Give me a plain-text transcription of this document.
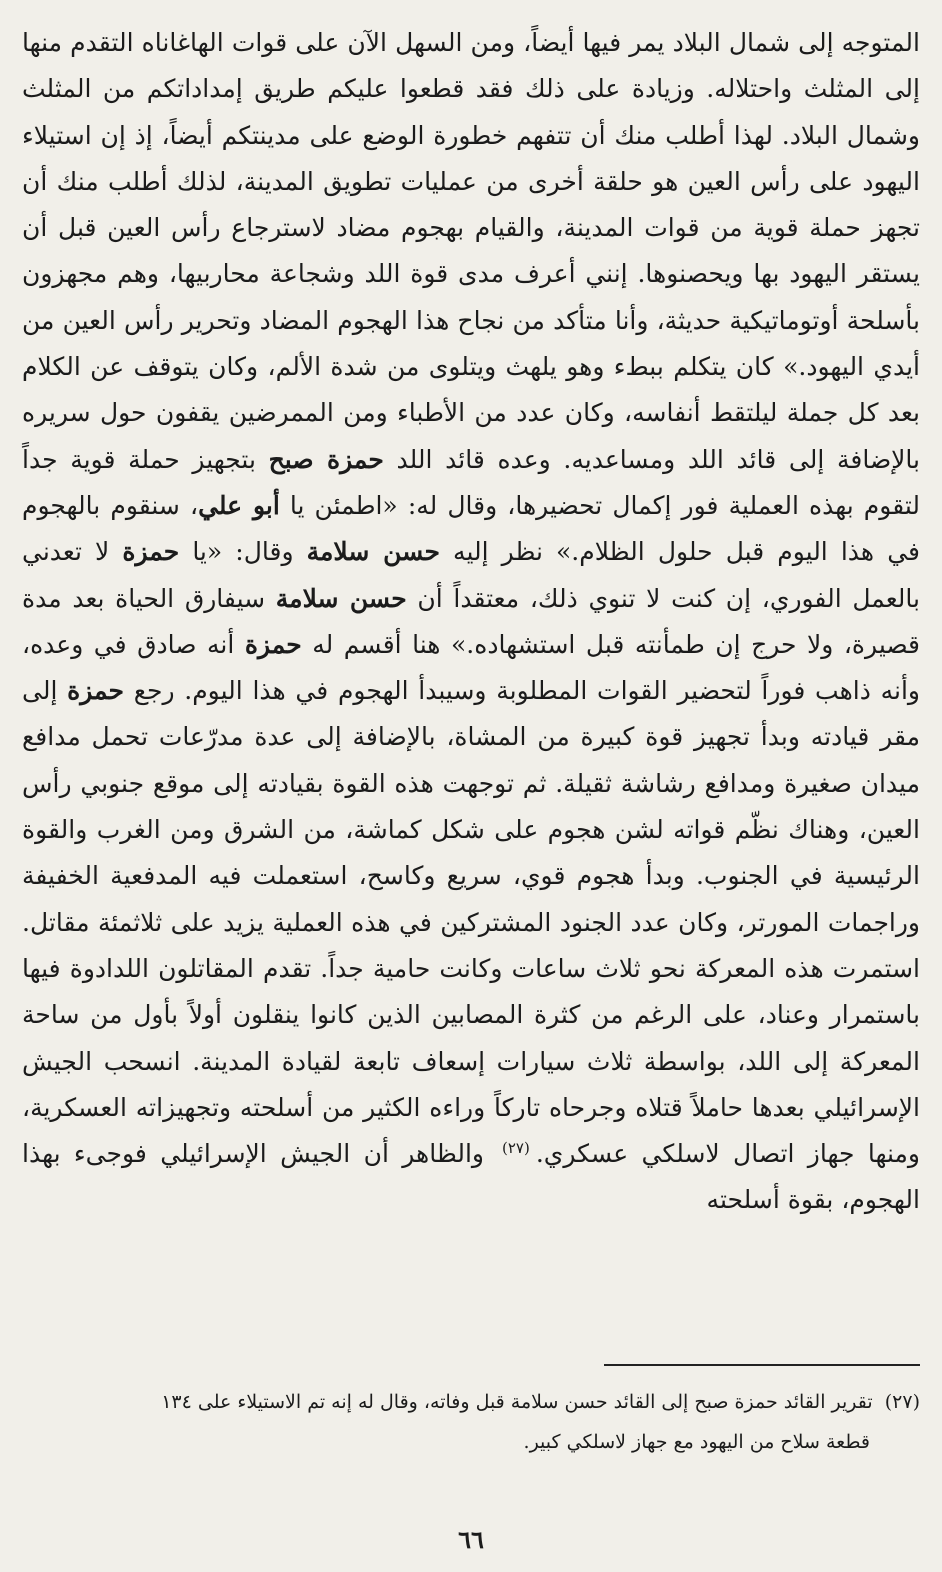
المتوجه إلى شمال البلاد يمر فيها أيضاً، ومن السهل الآن على قوات الهاغاناه التقدم منها إلى المثلث واحتلاله. وزيادة على ذلك فقد قطعوا عليكم طريق إمداداتكم من المثلث وشمال البلاد. لهذا أطلب منك أن تتفهم خطورة الوضع على مدينتكم أيضاً، إذ إن استيلاء اليهود على رأس العين هو حلقة أخرى من عمليات تطويق المدينة، لذلك أطلب منك أن تجهز حملة قوية من قوات المدينة، والقيام بهجوم مضاد لاسترجاع رأس العين قبل أن يستقر اليهود بها ويحصنوها. إنني أعرف مدى قوة اللد وشجاعة محاربيها، وهم مجهزون بأسلحة أوتوماتيكية حديثة، وأنا متأكد من نجاح هذا الهجوم المضاد وتحرير رأس العين من أيدي اليهود.» كان يتكلم ببطء وهو يلهث ويتلوى من شدة الألم، وكان يتوقف عن الكلام بعد كل جملة ليلتقط أنفاسه، وكان عدد من الأطباء ومن الممرضين يقفون حول سريره بالإضافة إلى قائد اللد ومساعديه. وعده قائد اللد حمزة صبح بتجهيز حملة قوية جداً لتقوم بهذه العملية فور إكمال تحضيرها، وقال له: «اطمئن يا أبو علي، سنقوم بالهجوم في هذا اليوم قبل حلول الظلام.» نظر إليه حسن سلامة وقال: «يا حمزة لا تعدني بالعمل الفوري، إن كنت لا تنوي ذلك، معتقداً أن حسن سلامة سيفارق الحياة بعد مدة قصيرة، ولا حرج إن طمأنته قبل استشهاده.» هنا أقسم له حمزة أنه صادق في وعده، وأنه ذاهب فوراً لتحضير القوات المطلوبة وسيبدأ الهجوم في هذا اليوم. رجع حمزة إلى مقر قيادته وبدأ تجهيز قوة كبيرة من المشاة، بالإضافة إلى عدة مدرّعات تحمل مدافع ميدان صغيرة ومدافع رشاشة ثقيلة. ثم توجهت هذه القوة بقيادته إلى موقع جنوبي رأس العين، وهناك نظّم قواته لشن هجوم على شكل كماشة، من الشرق ومن الغرب والقوة الرئيسية في الجنوب. وبدأ هجوم قوي، سريع وكاسح، استعملت فيه المدفعية الخفيفة وراجمات المورتر، وكان عدد الجنود المشتركين في هذه العملية يزيد على ثلاثمئة مقاتل. استمرت هذه المعركة نحو ثلاث ساعات وكانت حامية جداً. تقدم المقاتلون اللدادوة فيها باستمرار وعناد، على الرغم من كثرة المصابين الذين كانوا ينقلون أولاً بأول من ساحة المعركة إلى اللد، بواسطة ثلاث سيارات إسعاف تابعة لقيادة المدينة. انسحب الجيش الإسرائيلي بعدها حاملاً قتلاه وجرحاه تاركاً وراءه الكثير من أسلحته وتجهيزاته العسكرية، ومنها جهاز اتصال لاسلكي عسكري.$^{(٢٧)}$والظاهر أن الجيش الإسرائيلي فوجىء بهذا الهجوم، بقوة أسلحته

(٢٧) تقرير القائد حمزة صبح إلى القائد حسن سلامة قبل وفاته، وقال له إنه تم الاستيلاء على ١٣٤
قطعة سلاح من اليهود مع جهاز لاسلكي كبير.
٦٦
